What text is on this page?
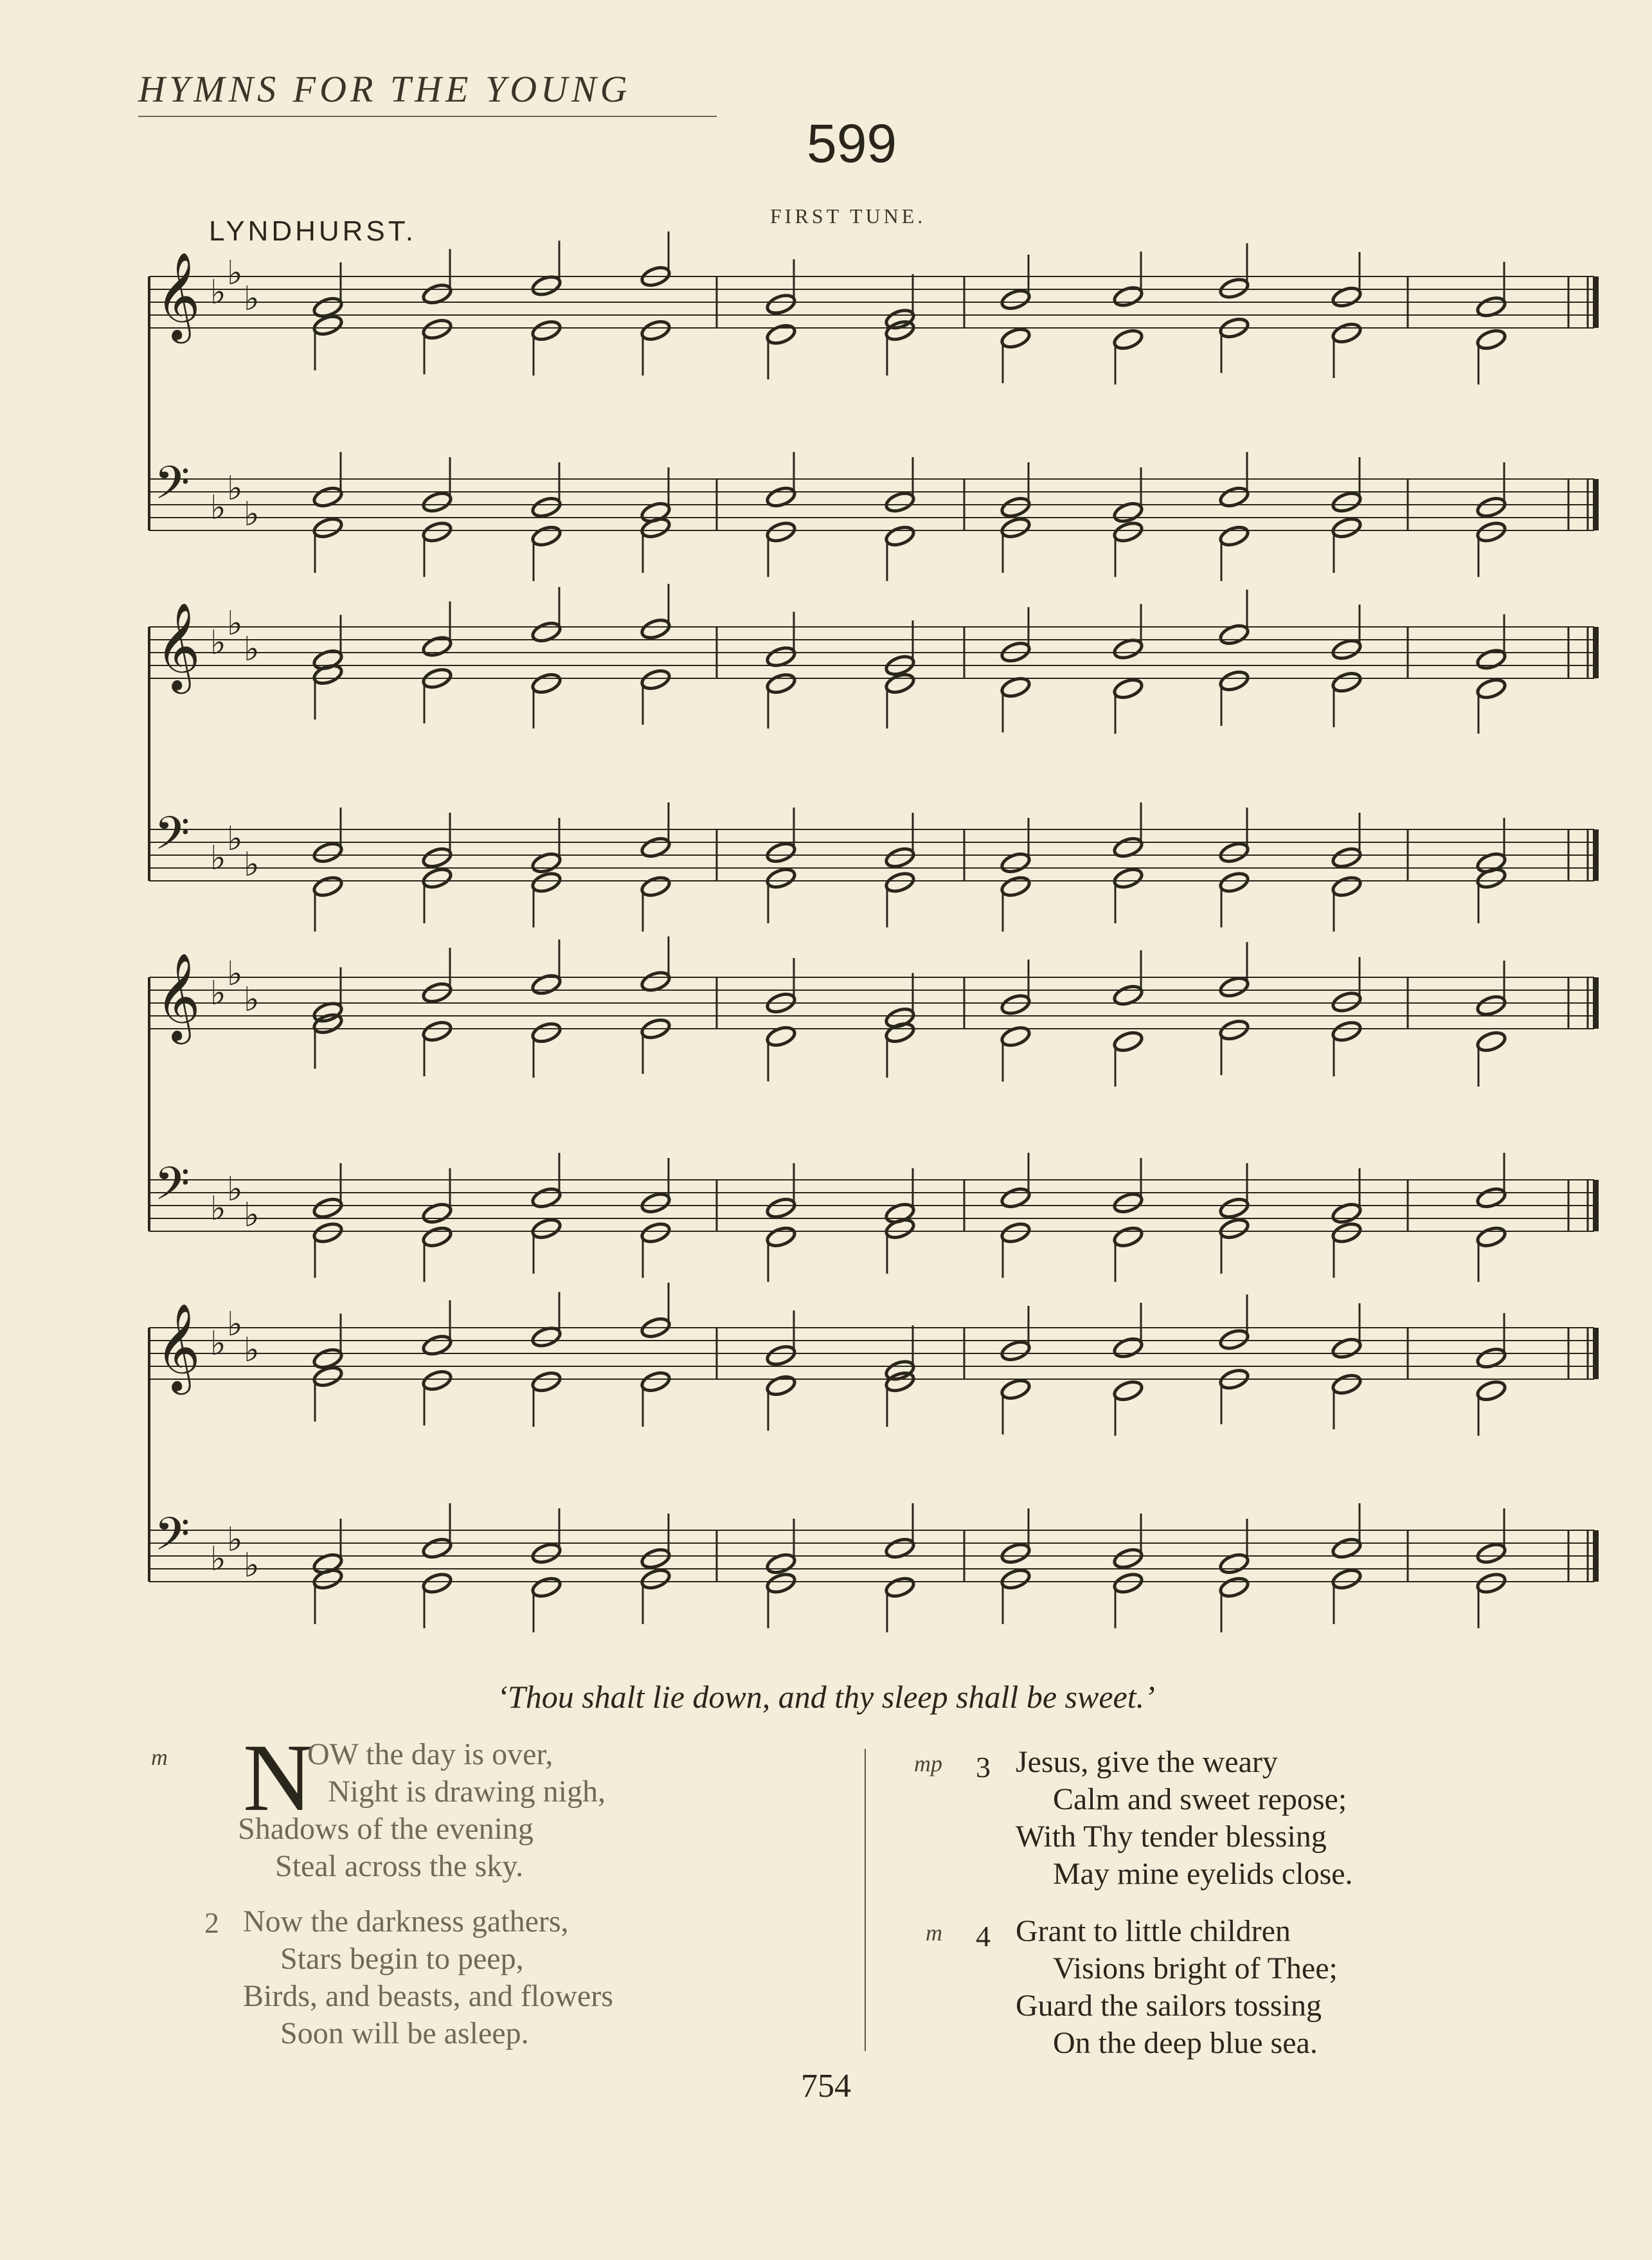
HYMNS FOR THE YOUNG
599
FIRST TUNE.
LYNDHURST.
𝄞 ♭ ♭
♭
𝄢 ♭ ♭
♭
𝄞 ♭ ♭
♭
𝄢 ♭ ♭
♭
𝄞 ♭ ♭
♭
𝄢 ♭ ♭
♭
𝄞 ♭ ♭
♭
𝄢 ♭ ♭
♭
‘Thou shalt lie down, and thy sleep shall be sweet.’
m N
OW the day is over,
Night is drawing nigh,
Shadows of the evening
Steal across the sky.
2 Now the darkness gathers,
Stars begin to peep,
Birds, and beasts, and flowers
Soon will be asleep.
mp 3 Jesus, give the weary
Calm and sweet repose;
With Thy tender blessing
May mine eyelids close.
m 4 Grant to little children
Visions bright of Thee;
Guard the sailors tossing
On the deep blue sea.
754
